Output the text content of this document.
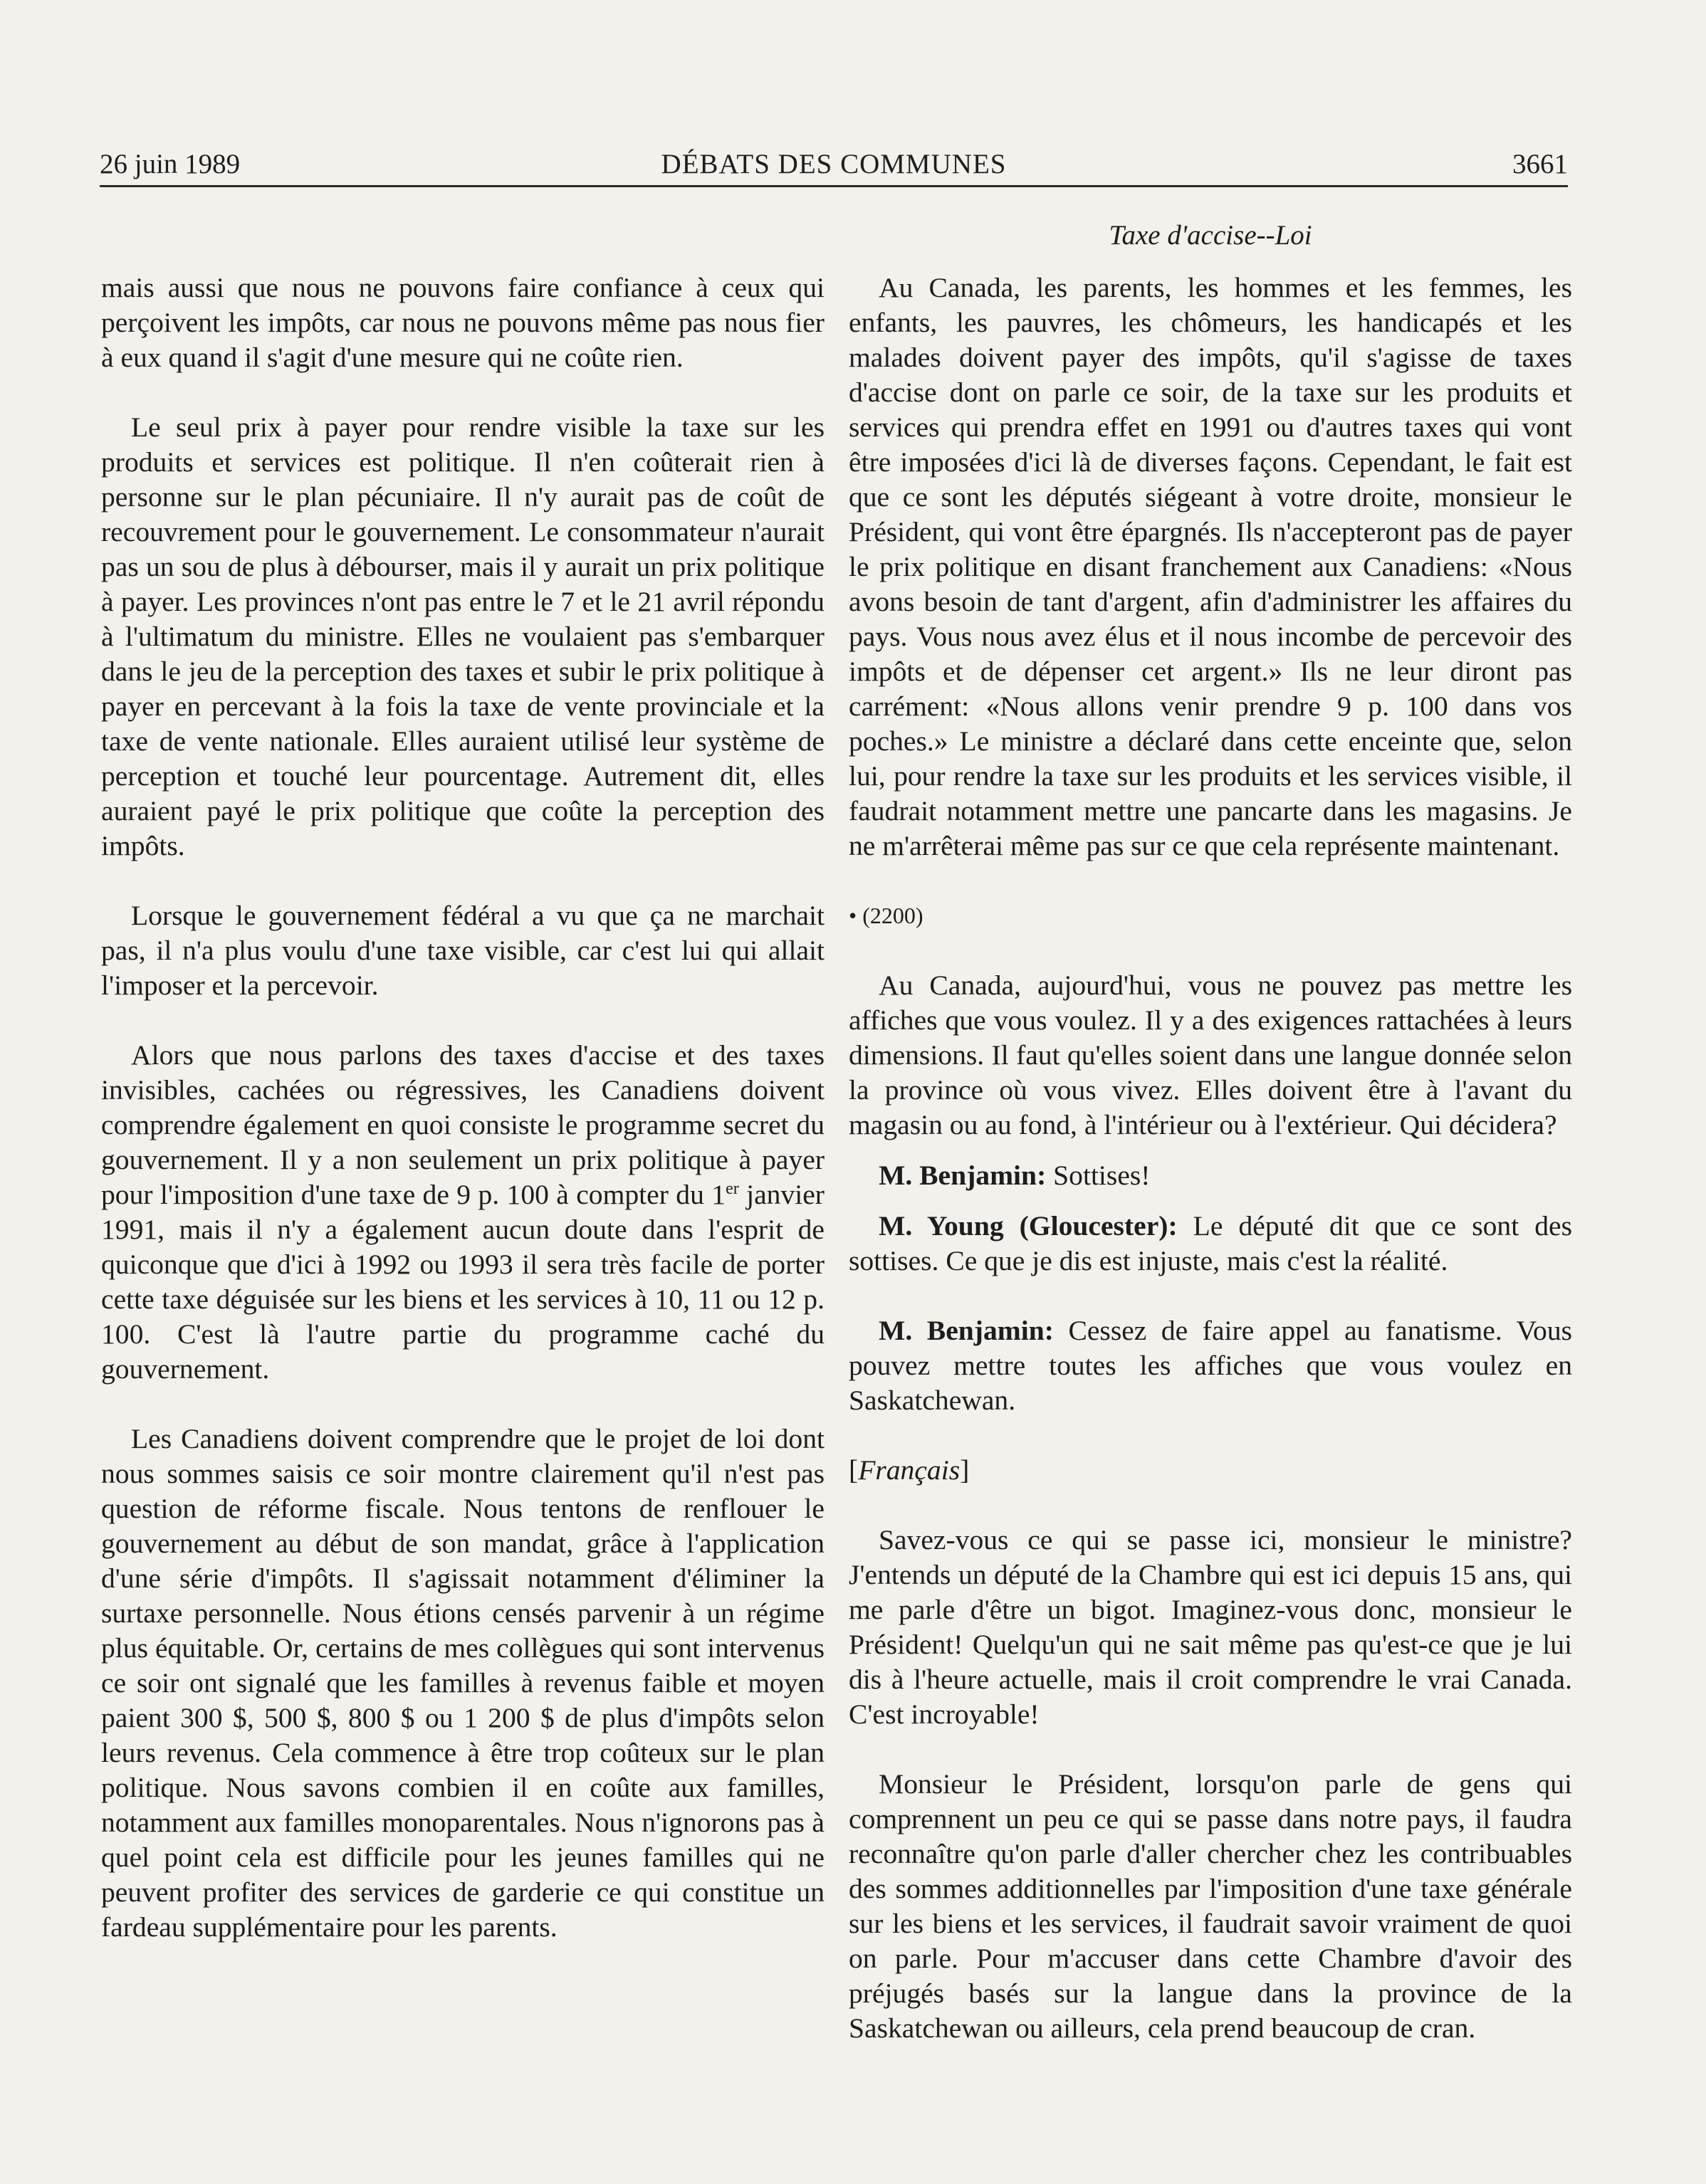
26 juin 1989	DÉBATS DES COMMUNES	3661
Taxe d'accise--Loi

mais aussi que nous ne pouvons faire confiance à ceux qui perçoivent les impôts, car nous ne pouvons même pas nous fier à eux quand il s'agit d'une mesure qui ne coûte rien.

Le seul prix à payer pour rendre visible la taxe sur les produits et services est politique. Il n'en coûterait rien à personne sur le plan pécuniaire. Il n'y aurait pas de coût de recouvrement pour le gouvernement. Le consommateur n'aurait pas un sou de plus à débourser, mais il y aurait un prix politique à payer. Les provinces n'ont pas entre le 7 et le 21 avril répondu à l'ultimatum du ministre. Elles ne voulaient pas s'embarquer dans le jeu de la perception des taxes et subir le prix politique à payer en percevant à la fois la taxe de vente provinciale et la taxe de vente nationale. Elles auraient utilisé leur système de perception et touché leur pourcentage. Autrement dit, elles auraient payé le prix politique que coûte la perception des impôts.

Lorsque le gouvernement fédéral a vu que ça ne marchait pas, il n'a plus voulu d'une taxe visible, car c'est lui qui allait l'imposer et la percevoir.

Alors que nous parlons des taxes d'accise et des taxes invisibles, cachées ou régressives, les Canadiens doivent comprendre également en quoi consiste le programme secret du gouvernement. Il y a non seulement un prix politique à payer pour l'imposition d'une taxe de 9 p. 100 à compter du 1er janvier 1991, mais il n'y a également aucun doute dans l'esprit de quiconque que d'ici à 1992 ou 1993 il sera très facile de porter cette taxe déguisée sur les biens et les services à 10, 11 ou 12 p. 100. C'est là l'autre partie du programme caché du gouvernement.

Les Canadiens doivent comprendre que le projet de loi dont nous sommes saisis ce soir montre clairement qu'il n'est pas question de réforme fiscale. Nous tentons de renflouer le gouvernement au début de son mandat, grâce à l'application d'une série d'impôts. Il s'agissait notamment d'éliminer la surtaxe personnelle. Nous étions censés parvenir à un régime plus équitable. Or, certains de mes collègues qui sont intervenus ce soir ont signalé que les familles à revenus faible et moyen paient 300 $, 500 $, 800 $ ou 1 200 $ de plus d'impôts selon leurs revenus. Cela commence à être trop coûteux sur le plan politique. Nous savons combien il en coûte aux familles, notamment aux familles monoparentales. Nous n'ignorons pas à quel point cela est difficile pour les jeunes familles qui ne peuvent profiter des services de garderie ce qui constitue un fardeau supplémentaire pour les parents.

Au Canada, les parents, les hommes et les femmes, les enfants, les pauvres, les chômeurs, les handicapés et les malades doivent payer des impôts, qu'il s'agisse de taxes d'accise dont on parle ce soir, de la taxe sur les produits et services qui prendra effet en 1991 ou d'autres taxes qui vont être imposées d'ici là de diverses façons. Cependant, le fait est que ce sont les députés siégeant à votre droite, monsieur le Président, qui vont être épargnés. Ils n'accepteront pas de payer le prix politique en disant franchement aux Canadiens: «Nous avons besoin de tant d'argent, afin d'administrer les affaires du pays. Vous nous avez élus et il nous incombe de percevoir des impôts et de dépenser cet argent.» Ils ne leur diront pas carrément: «Nous allons venir prendre 9 p. 100 dans vos poches.» Le ministre a déclaré dans cette enceinte que, selon lui, pour rendre la taxe sur les produits et les services visible, il faudrait notamment mettre une pancarte dans les magasins. Je ne m'arrêterai même pas sur ce que cela représente maintenant.

• (2200)

Au Canada, aujourd'hui, vous ne pouvez pas mettre les affiches que vous voulez. Il y a des exigences rattachées à leurs dimensions. Il faut qu'elles soient dans une langue donnée selon la province où vous vivez. Elles doivent être à l'avant du magasin ou au fond, à l'intérieur ou à l'extérieur. Qui décidera?

M. Benjamin: Sottises!

M. Young (Gloucester): Le député dit que ce sont des sottises. Ce que je dis est injuste, mais c'est la réalité.

M. Benjamin: Cessez de faire appel au fanatisme. Vous pouvez mettre toutes les affiches que vous voulez en Saskatchewan.

[Français]

Savez-vous ce qui se passe ici, monsieur le ministre? J'entends un député de la Chambre qui est ici depuis 15 ans, qui me parle d'être un bigot. Imaginez-vous donc, monsieur le Président! Quelqu'un qui ne sait même pas qu'est-ce que je lui dis à l'heure actuelle, mais il croit comprendre le vrai Canada. C'est incroyable!

Monsieur le Président, lorsqu'on parle de gens qui comprennent un peu ce qui se passe dans notre pays, il faudra reconnaître qu'on parle d'aller chercher chez les contribuables des sommes additionnelles par l'imposition d'une taxe générale sur les biens et les services, il faudrait savoir vraiment de quoi on parle. Pour m'accuser dans cette Chambre d'avoir des préjugés basés sur la langue dans la province de la Saskatchewan ou ailleurs, cela prend beaucoup de cran.
